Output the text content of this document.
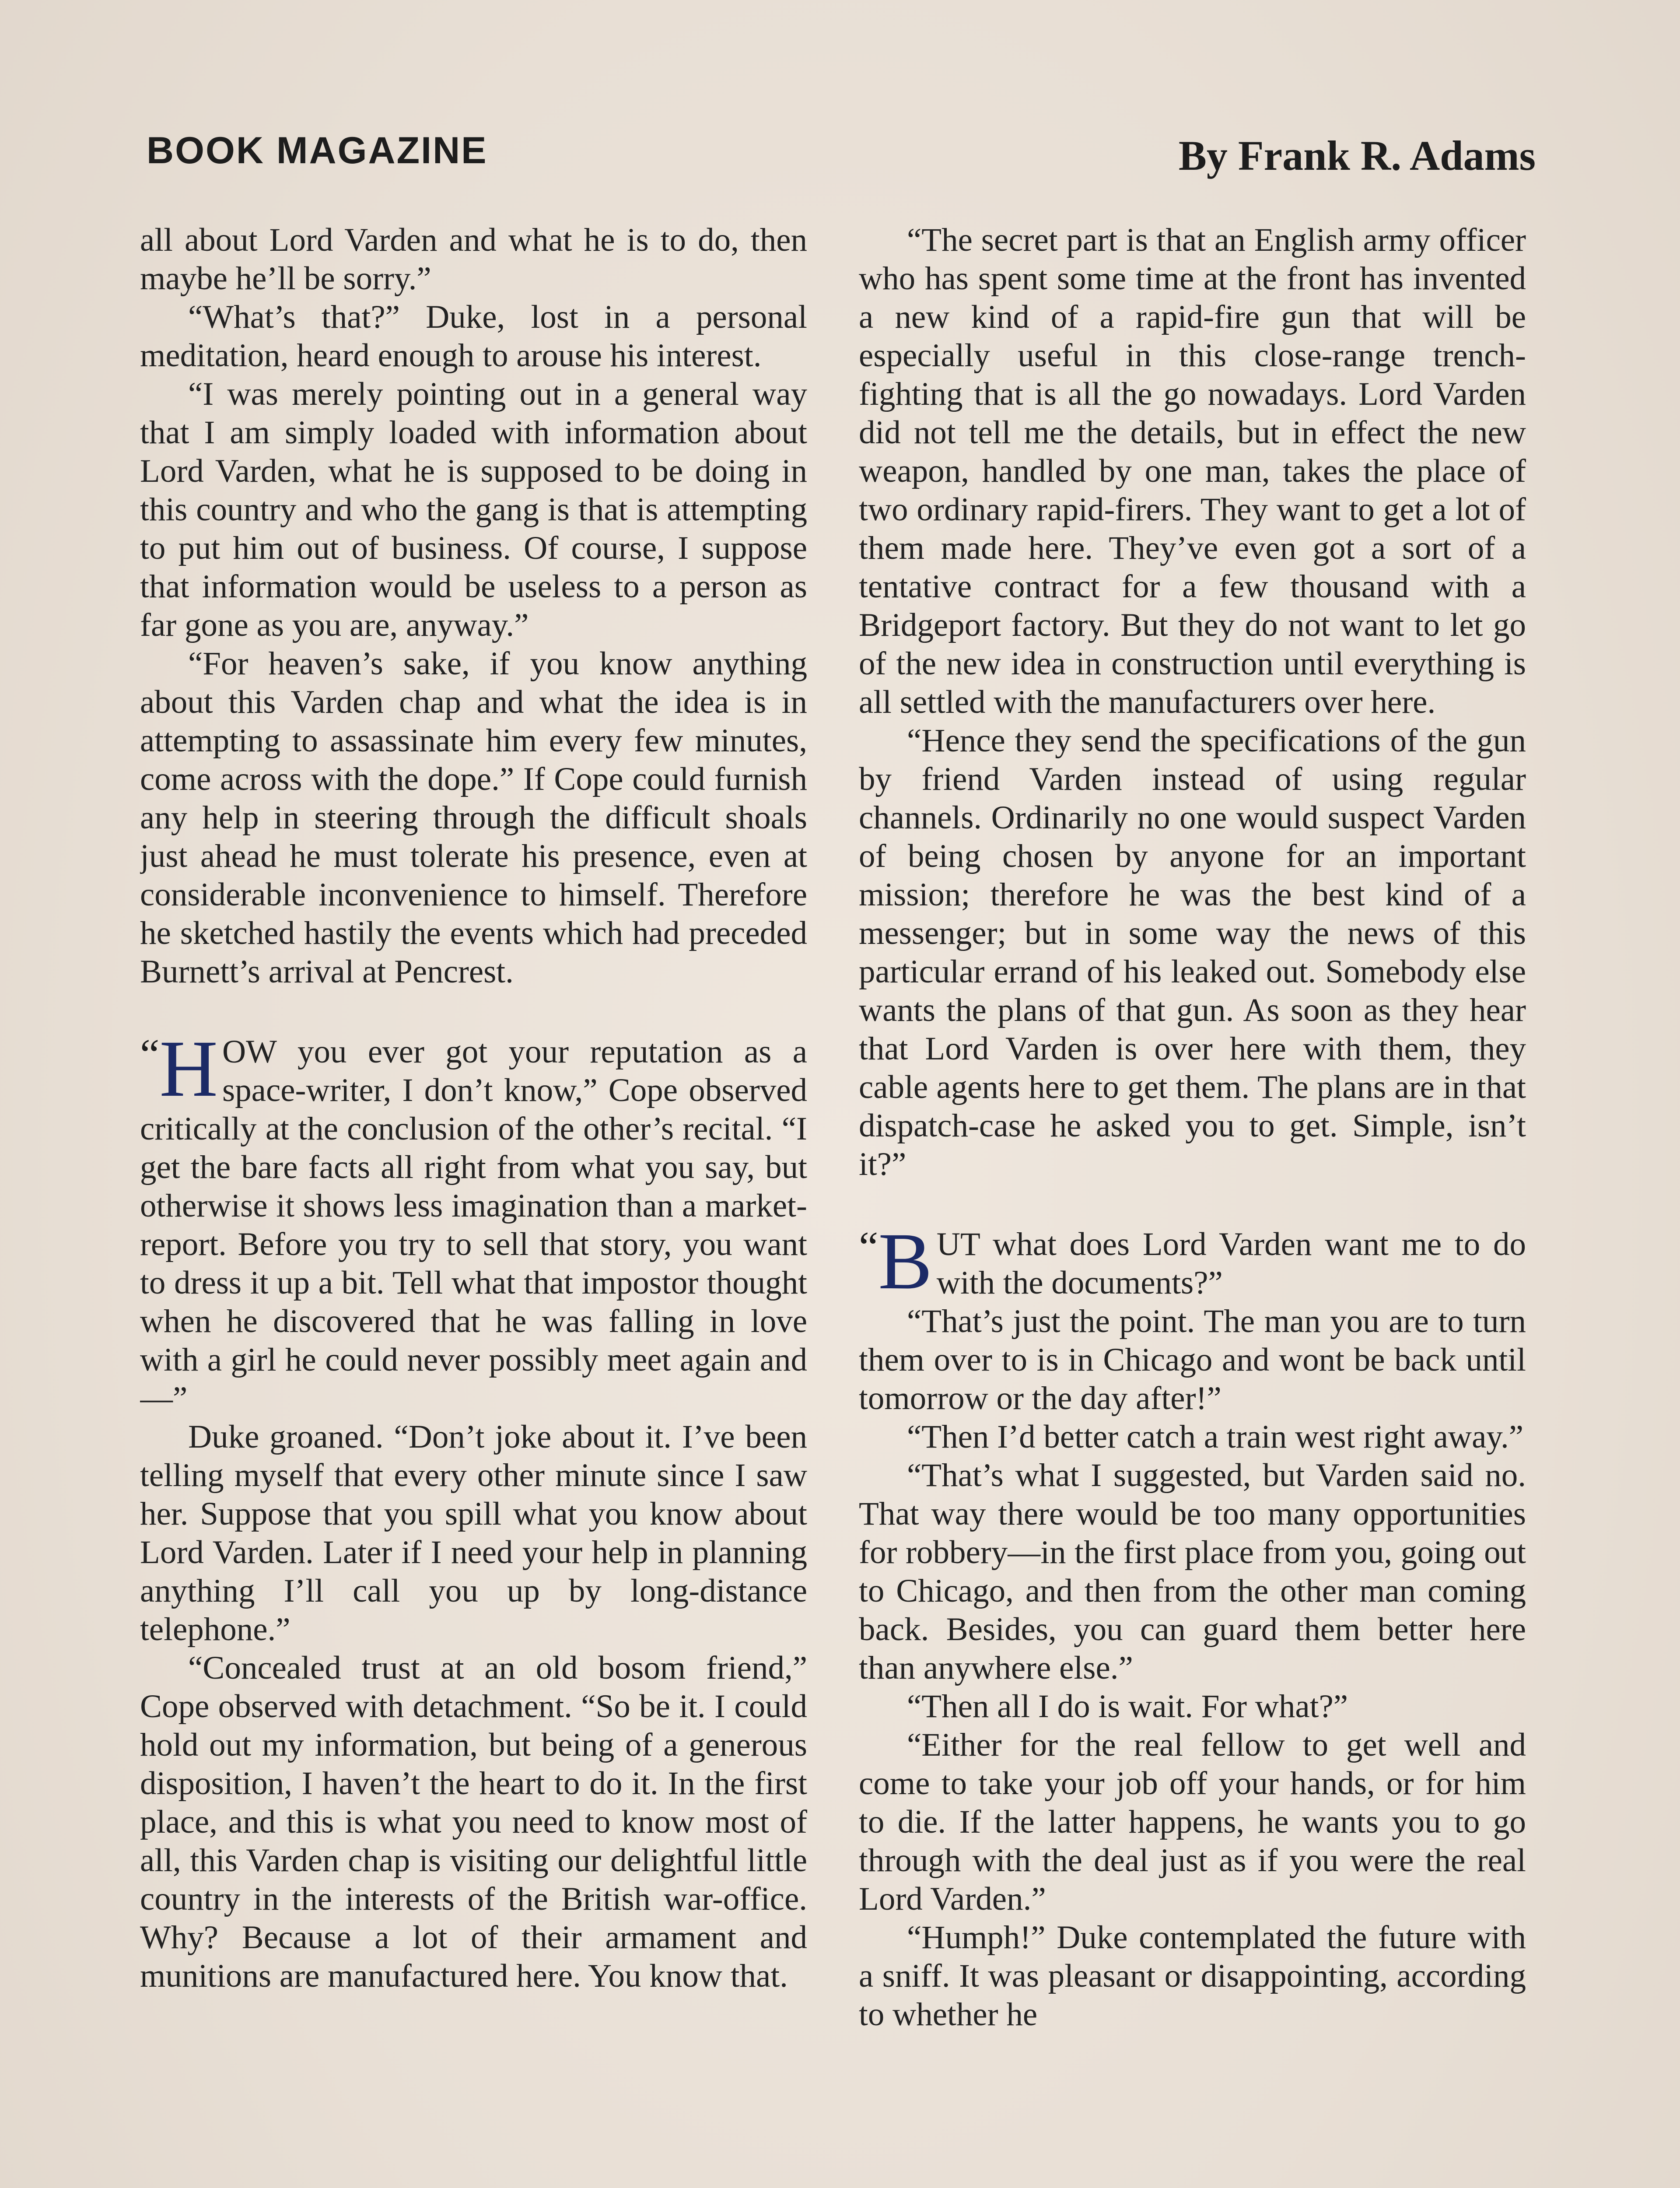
BOOK MAGAZINE	By Frank R. Adams

all about Lord Varden and what he is to do, then maybe he’ll be sorry.”

“What’s that?” Duke, lost in a personal meditation, heard enough to arouse his interest.

“I was merely pointing out in a general way that I am simply loaded with information about Lord Varden, what he is supposed to be doing in this country and who the gang is that is attempting to put him out of business. Of course, I suppose that information would be useless to a person as far gone as you are, anyway.”

“For heaven’s sake, if you know anything about this Varden chap and what the idea is in attempting to assassinate him every few minutes, come across with the dope.” If Cope could furnish any help in steering through the difficult shoals just ahead he must tolerate his presence, even at considerable inconvenience to himself. Therefore he sketched hastily the events which had preceded Burnett’s arrival at Pencrest.

“ H OW you ever got your reputation as a space-writer, I don’t know,” Cope observed critically at the conclusion of the other’s recital. “I get the bare facts all right from what you say, but otherwise it shows less imagination than a market-report. Before you try to sell that story, you want to dress it up a bit. Tell what that impostor thought when he discovered that he was falling in love with a girl he could never possibly meet again and—”

Duke groaned. “Don’t joke about it. I’ve been telling myself that every other minute since I saw her. Suppose that you spill what you know about Lord Varden. Later if I need your help in planning anything I’ll call you up by long-distance telephone.”

“Concealed trust at an old bosom friend,” Cope observed with detachment. “So be it. I could hold out my information, but being of a generous disposition, I haven’t the heart to do it. In the first place, and this is what you need to know most of all, this Varden chap is visiting our delightful little country in the interests of the British war-office. Why? Because a lot of their armament and munitions are manufactured here. You know that.

“The secret part is that an English army officer who has spent some time at the front has invented a new kind of a rapid-fire gun that will be especially useful in this close-range trench-fighting that is all the go nowadays. Lord Varden did not tell me the details, but in effect the new weapon, handled by one man, takes the place of two ordinary rapid-firers. They want to get a lot of them made here. They’ve even got a sort of a tentative contract for a few thousand with a Bridgeport factory. But they do not want to let go of the new idea in construction until everything is all settled with the manufacturers over here.

“Hence they send the specifications of the gun by friend Varden instead of using regular channels. Ordinarily no one would suspect Varden of being chosen by anyone for an important mission; therefore he was the best kind of a messenger; but in some way the news of this particular errand of his leaked out. Somebody else wants the plans of that gun. As soon as they hear that Lord Varden is over here with them, they cable agents here to get them. The plans are in that dispatch-case he asked you to get. Simple, isn’t it?”

“ B UT what does Lord Varden want me to do with the documents?”

“That’s just the point. The man you are to turn them over to is in Chicago and wont be back until tomorrow or the day after!”

“Then I’d better catch a train west right away.”

“That’s what I suggested, but Varden said no. That way there would be too many opportunities for robbery—in the first place from you, going out to Chicago, and then from the other man coming back. Besides, you can guard them better here than anywhere else.”

“Then all I do is wait. For what?”

“Either for the real fellow to get well and come to take your job off your hands, or for him to die. If the latter happens, he wants you to go through with the deal just as if you were the real Lord Varden.”

“Humph!” Duke contemplated the future with a sniff. It was pleasant or disappointing, according to whether he
